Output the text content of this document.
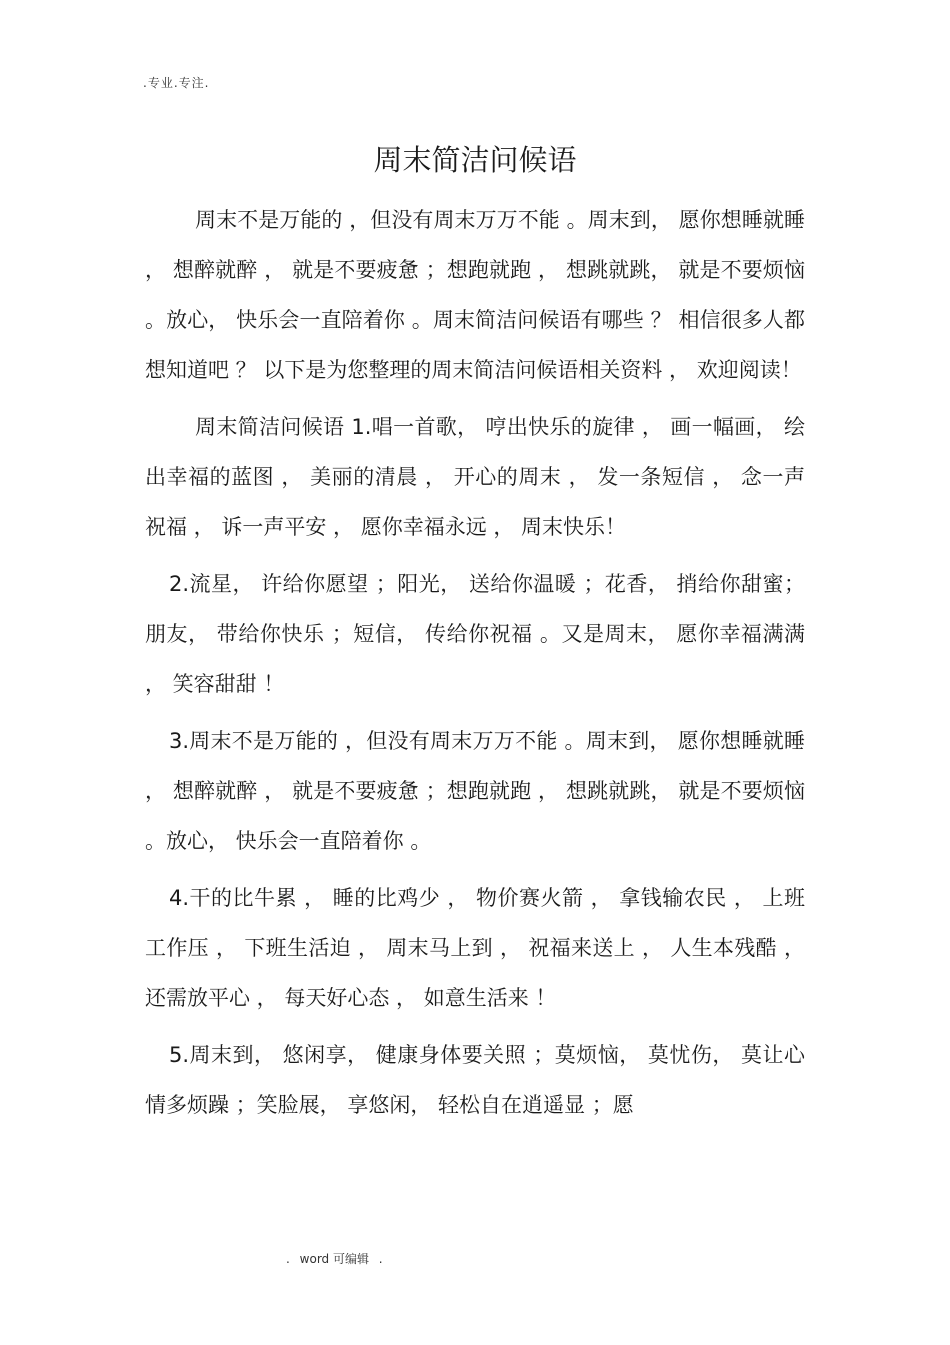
.专业.专注.
周末简洁问候语

周末不是万能的 ，但没有周末万万不能 。周末到， 愿你想睡就睡 ， 想醉就醉 ， 就是不要疲惫 ；想跑就跑 ， 想跳就跳， 就是不要烦恼 。放心， 快乐会一直陪着你 。周末简洁问候语有哪些 ？ 相信很多人都想知道吧 ？ 以下是为您整理的周末简洁问候语相关资料 ， 欢迎阅读！

周末简洁问候语 1.唱一首歌， 哼出快乐的旋律 ， 画一幅画， 绘出幸福的蓝图 ， 美丽的清晨 ， 开心的周末 ， 发一条短信 ， 念一声祝福 ， 诉一声平安 ， 愿你幸福永远 ， 周末快乐！

2.流星， 许给你愿望 ；阳光， 送给你温暖 ；花香， 捎给你甜蜜；朋友， 带给你快乐 ；短信， 传给你祝福 。又是周末， 愿你幸福满满 ， 笑容甜甜 ！

3.周末不是万能的 ，但没有周末万万不能 。周末到， 愿你想睡就睡 ， 想醉就醉 ， 就是不要疲惫 ；想跑就跑 ， 想跳就跳， 就是不要烦恼 。放心， 快乐会一直陪着你 。

4.干的比牛累 ， 睡的比鸡少 ， 物价赛火箭 ， 拿钱输农民 ， 上班工作压 ， 下班生活迫 ， 周末马上到 ， 祝福来送上 ， 人生本残酷 ， 还需放平心 ， 每天好心态 ， 如意生活来 ！

5.周末到， 悠闲享， 健康身体要关照 ；莫烦恼， 莫忧伤， 莫让心情多烦躁 ；笑脸展， 享悠闲， 轻松自在逍遥显 ；愿

. word 可编辑 .
